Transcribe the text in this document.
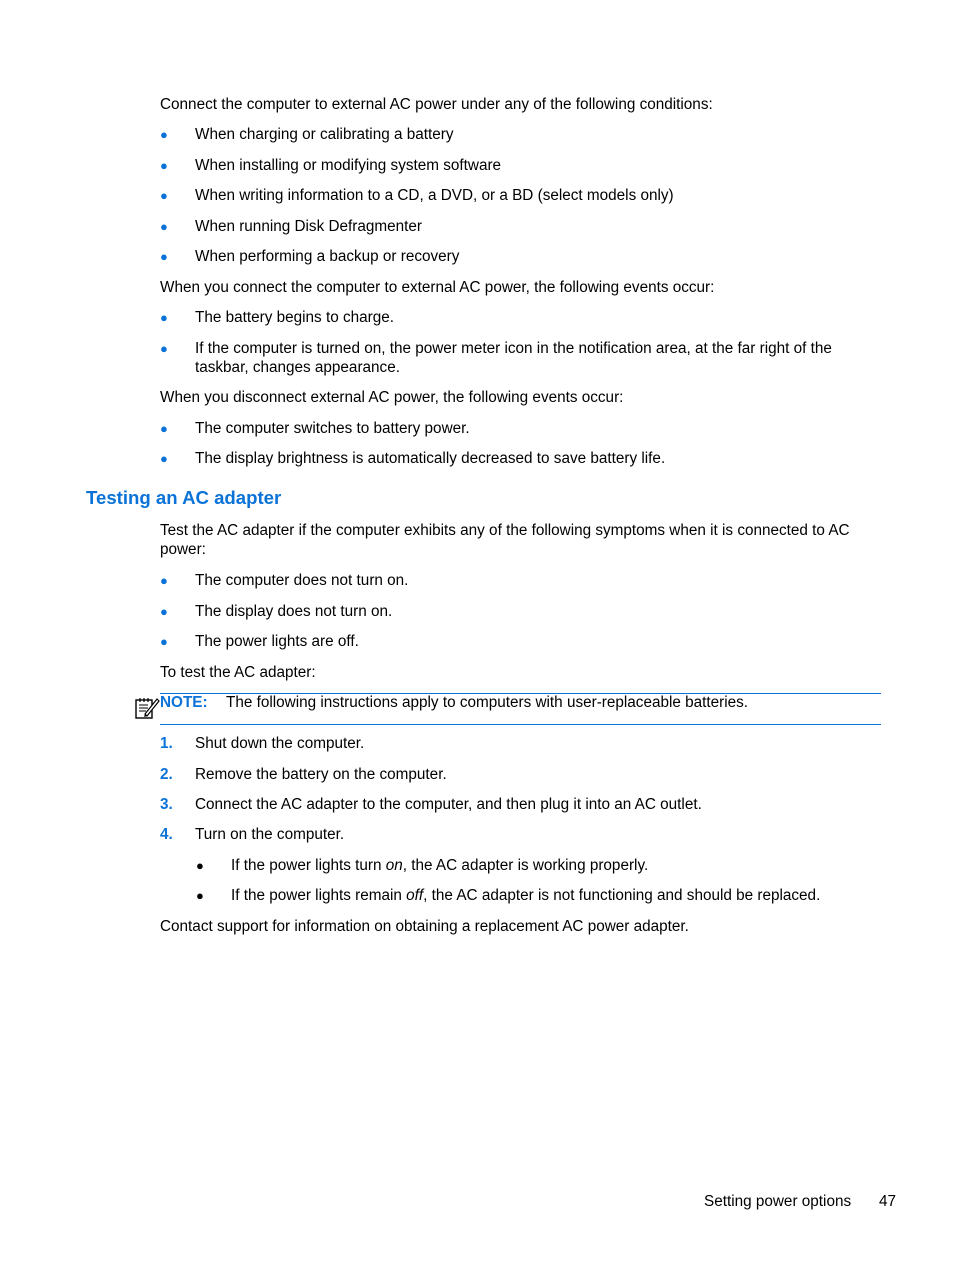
Connect the computer to external AC power under any of the following conditions:
● When charging or calibrating a battery
● When installing or modifying system software
● When writing information to a CD, a DVD, or a BD (select models only)
● When running Disk Defragmenter
● When performing a backup or recovery
When you connect the computer to external AC power, the following events occur:
● The battery begins to charge.
● If the computer is turned on, the power meter icon in the notification area, at the far right of the taskbar, changes appearance.
When you disconnect external AC power, the following events occur:
● The computer switches to battery power.
● The display brightness is automatically decreased to save battery life.
Testing an AC adapter
Test the AC adapter if the computer exhibits any of the following symptoms when it is connected to AC power:
● The computer does not turn on.
● The display does not turn on.
● The power lights are off.
To test the AC adapter:
NOTE: The following instructions apply to computers with user-replaceable batteries.
1. Shut down the computer.
2. Remove the battery on the computer.
3. Connect the AC adapter to the computer, and then plug it into an AC outlet.
4. Turn on the computer.
● If the power lights turn on, the AC adapter is working properly.
● If the power lights remain off, the AC adapter is not functioning and should be replaced.
Contact support for information on obtaining a replacement AC power adapter.
Setting power options 47
